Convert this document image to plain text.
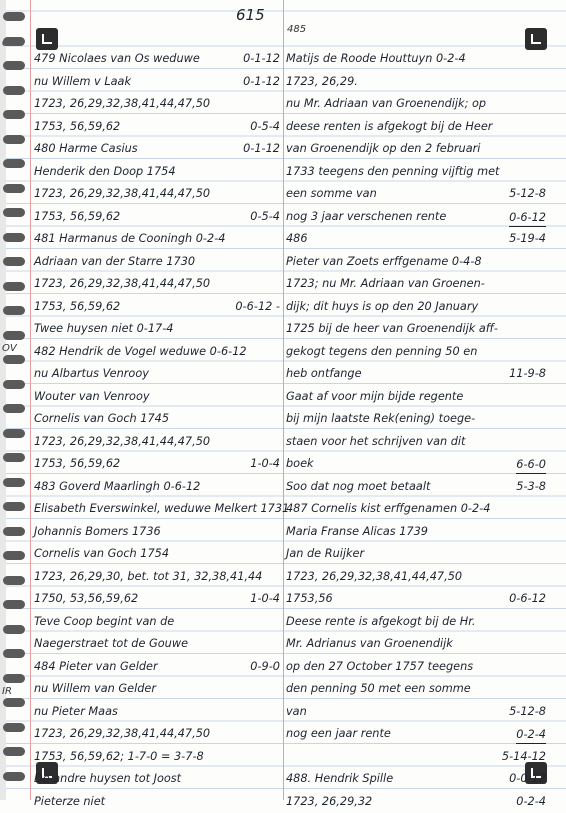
615
485
OV
IR
479 Nicolaes van Os weduwe	0-1-12
nu Willem v Laak	0-1-12
1723, 26,29,32,38,41,44,47,50
1753, 56,59,62	0-5-4
480 Harme Casius	0-1-12
Henderik den Doop 1754
1723, 26,29,32,38,41,44,47,50
1753, 56,59,62	0-5-4
481 Harmanus de Cooningh 0-2-4
Adriaan van der Starre 1730
1723, 26,29,32,38,41,44,47,50
1753, 56,59,62	0-6-12 -
Twee huysen niet 0-17-4
482 Hendrik de Vogel weduwe 0-6-12
nu Albartus Venrooy
Wouter van Venrooy
Cornelis van Goch 1745
1723, 26,29,32,38,41,44,47,50
1753, 56,59,62	1-0-4
483 Goverd Maarlingh 0-6-12
Elisabeth Everswinkel, weduwe Melkert 1731
Johannis Bomers 1736
Cornelis van Goch 1754
1723, 26,29,30, bet. tot 31, 32,38,41,44
1750, 53,56,59,62	1-0-4
Teve Coop begint van de
Naegerstraet tot de Gouwe
484 Pieter van Gelder	0-9-0
nu Willem van Gelder
nu Pieter Maas
1723, 26,29,32,38,41,44,47,50
1753, 56,59,62; 1-7-0 = 3-7-8
De andre huysen tot Joost
Pieterze niet
Matijs de Roode Houttuyn 0-2-4
1723, 26,29.
nu Mr. Adriaan van Groenendijk; op
deese renten is afgekogt bij de Heer
van Groenendijk op den 2 februari
1733 teegens den penning vijftig met
een somme van	5-12-8
nog 3 jaar verschenen rente	0-6-12
486	5-19-4
Pieter van Zoets erffgename 0-4-8
1723; nu Mr. Adriaan van Groenen-
dijk; dit huys is op den 20 January
1725 bij de heer van Groenendijk aff-
gekogt tegens den penning 50 en
heb ontfange	11-9-8
Gaat af voor mijn bijde regente
bij mijn laatste Rek(ening) toege-
staen voor het schrijven van dit
boek	6-6-0
Soo dat nog moet betaalt	5-3-8
487 Cornelis kist erffgenamen 0-2-4
Maria Franse Alicas 1739
Jan de Ruijker
1723, 26,29,32,38,41,44,47,50
1753,56	0-6-12
Deese rente is afgekogt bij de Hr.
Mr. Adrianus van Groenendijk
op den 27 October 1757 teegens
den penning 50 met een somme
van	5-12-8
nog een jaar rente	0-2-4
5-14-12
488. Hendrik Spille	0-0-12
1723, 26,29,32	0-2-4
